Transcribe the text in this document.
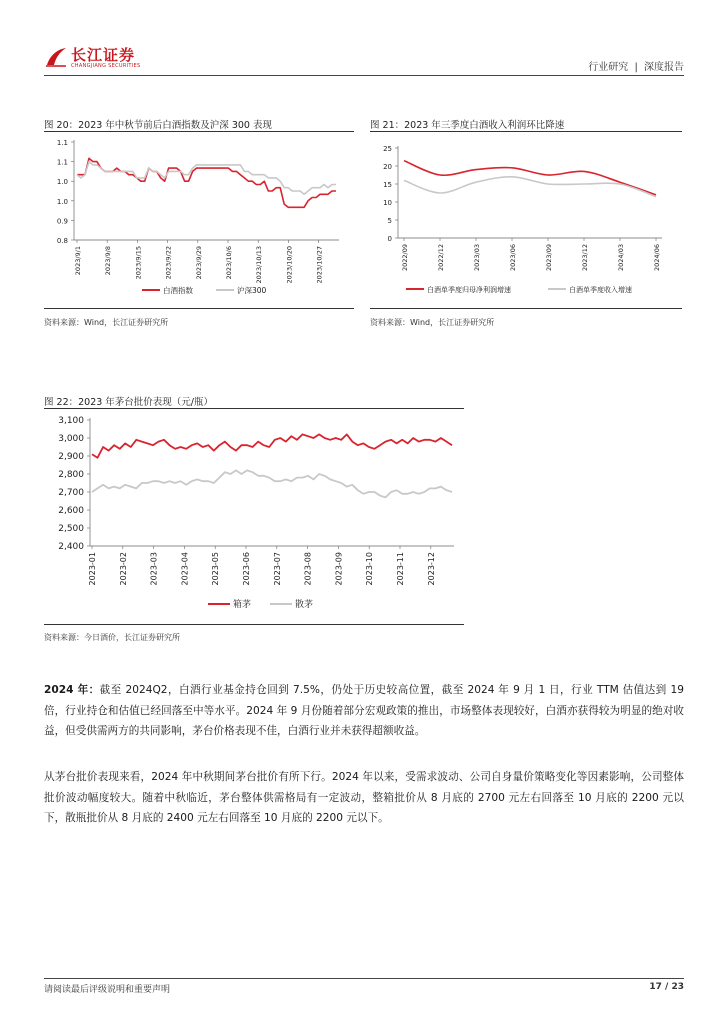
长江证券
CHANGJIANG SECURITIES	行业研究 | 深度报告
图 20：2023 年中秋节前后白酒指数及沪深 300 表现
0.8
0.9
1.0
1.0
1.1
1.1
2023/9/1	2023/9/8	2023/9/15	2023/9/22	2023/9/29	2023/10/6	2023/10/13	2023/10/20	2023/10/27
白酒指数	沪深300
资料来源：Wind，长江证券研究所
图 21：2023 年三季度白酒收入利润环比降速
0
5
10
15
20
25
2022/09	2022/12	2023/03	2023/06	2023/09	2023/12	2024/03	2024/06
白酒单季度归母净利润增速	白酒单季度收入增速
资料来源：Wind，长江证券研究所
图 22：2023 年茅台批价表现（元/瓶）
2,400
2,500
2,600
2,700
2,800
2,900
3,000
3,100
2023-01	2023-02	2023-03	2023-04	2023-05	2023-06	2023-07	2023-08	2023-09	2023-10	2023-11	2023-12
箱茅	散茅
资料来源：今日酒价，长江证券研究所
2024 年：截至 2024Q2，白酒行业基金持仓回到 7.5%，仍处于历史较高位置，截至 2024 年 9 月 1 日，行业 TTM 估值达到 19 倍，行业持仓和估值已经回落至中等水平。2024 年 9 月份随着部分宏观政策的推出，市场整体表现较好，白酒亦获得较为明显的绝对收益，但受供需两方的共同影响，茅台价格表现不佳，白酒行业并未获得超额收益。
从茅台批价表现来看，2024 年中秋期间茅台批价有所下行。2024 年以来，受需求波动、公司自身量价策略变化等因素影响，公司整体批价波动幅度较大。随着中秋临近，茅台整体供需格局有一定波动，整箱批价从 8 月底的 2700 元左右回落至 10 月底的 2200 元以下，散瓶批价从 8 月底的 2400 元左右回落至 10 月底的 2200 元以下。
请阅读最后评级说明和重要声明	17 / 23
